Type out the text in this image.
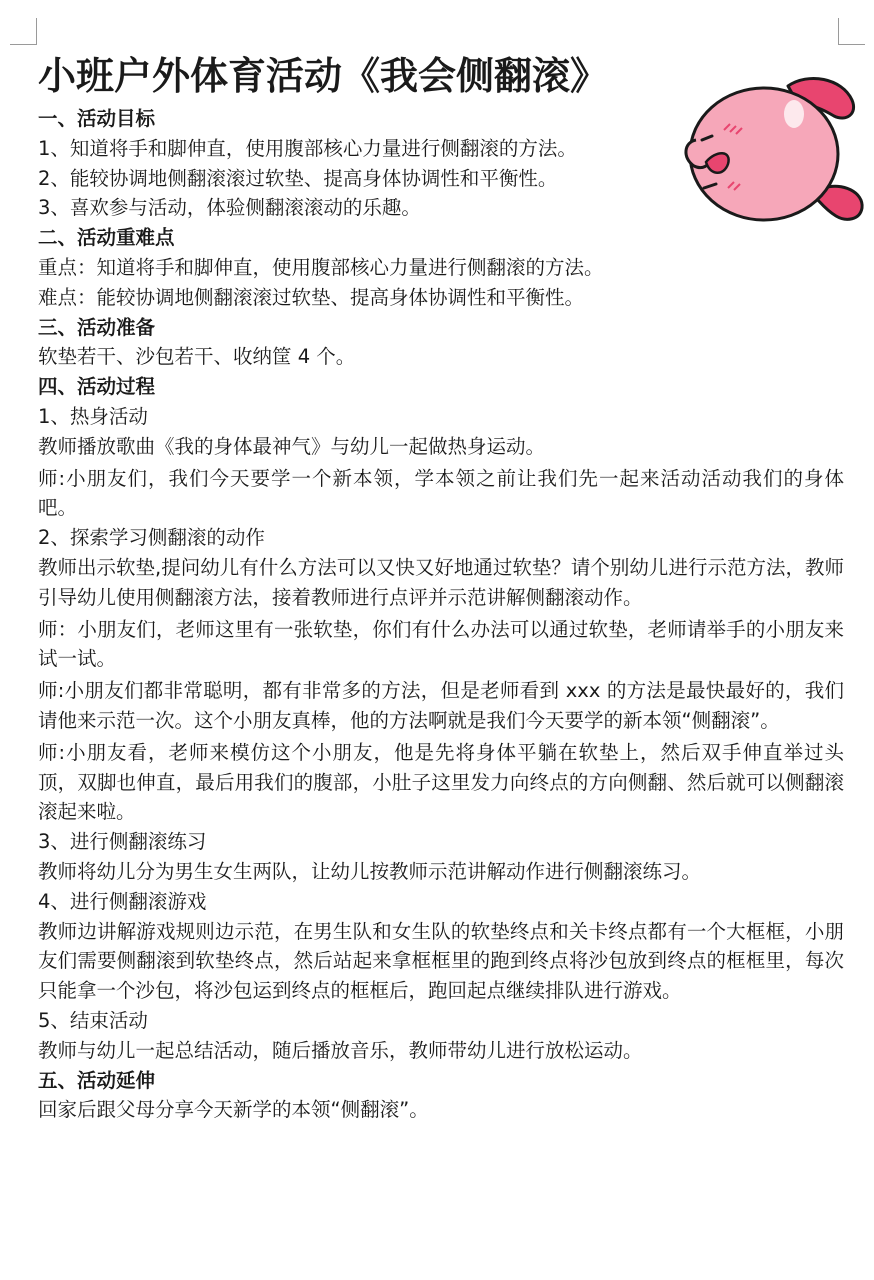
小班户外体育活动《我会侧翻滚》

一、活动目标

1、知道将手和脚伸直，使用腹部核心力量进行侧翻滚的方法。

2、能较协调地侧翻滚滚过软垫、提高身体协调性和平衡性。

3、喜欢参与活动，体验侧翻滚滚动的乐趣。

二、活动重难点

重点：知道将手和脚伸直，使用腹部核心力量进行侧翻滚的方法。

难点：能较协调地侧翻滚滚过软垫、提高身体协调性和平衡性。

三、活动准备

软垫若干、沙包若干、收纳筐 4 个。

四、活动过程

1、热身活动

教师播放歌曲《我的身体最神气》与幼儿一起做热身运动。

师:小朋友们，我们今天要学一个新本领，学本领之前让我们先一起来活动活动我们的身体吧。

2、探索学习侧翻滚的动作

教师出示软垫,提问幼儿有什么方法可以又快又好地通过软垫？请个别幼儿进行示范方法，教师引导幼儿使用侧翻滚方法，接着教师进行点评并示范讲解侧翻滚动作。

师：小朋友们，老师这里有一张软垫，你们有什么办法可以通过软垫，老师请举手的小朋友来试一试。

师:小朋友们都非常聪明，都有非常多的方法，但是老师看到 xxx 的方法是最快最好的，我们请他来示范一次。这个小朋友真棒，他的方法啊就是我们今天要学的新本领“侧翻滚”。

师:小朋友看，老师来模仿这个小朋友，他是先将身体平躺在软垫上，然后双手伸直举过头顶，双脚也伸直，最后用我们的腹部，小肚子这里发力向终点的方向侧翻、然后就可以侧翻滚滚起来啦。

3、进行侧翻滚练习

教师将幼儿分为男生女生两队，让幼儿按教师示范讲解动作进行侧翻滚练习。

4、进行侧翻滚游戏

教师边讲解游戏规则边示范，在男生队和女生队的软垫终点和关卡终点都有一个大框框，小朋友们需要侧翻滚到软垫终点，然后站起来拿框框里的跑到终点将沙包放到终点的框框里，每次只能拿一个沙包，将沙包运到终点的框框后，跑回起点继续排队进行游戏。

5、结束活动

教师与幼儿一起总结活动，随后播放音乐，教师带幼儿进行放松运动。

五、活动延伸

回家后跟父母分享今天新学的本领“侧翻滚”。
